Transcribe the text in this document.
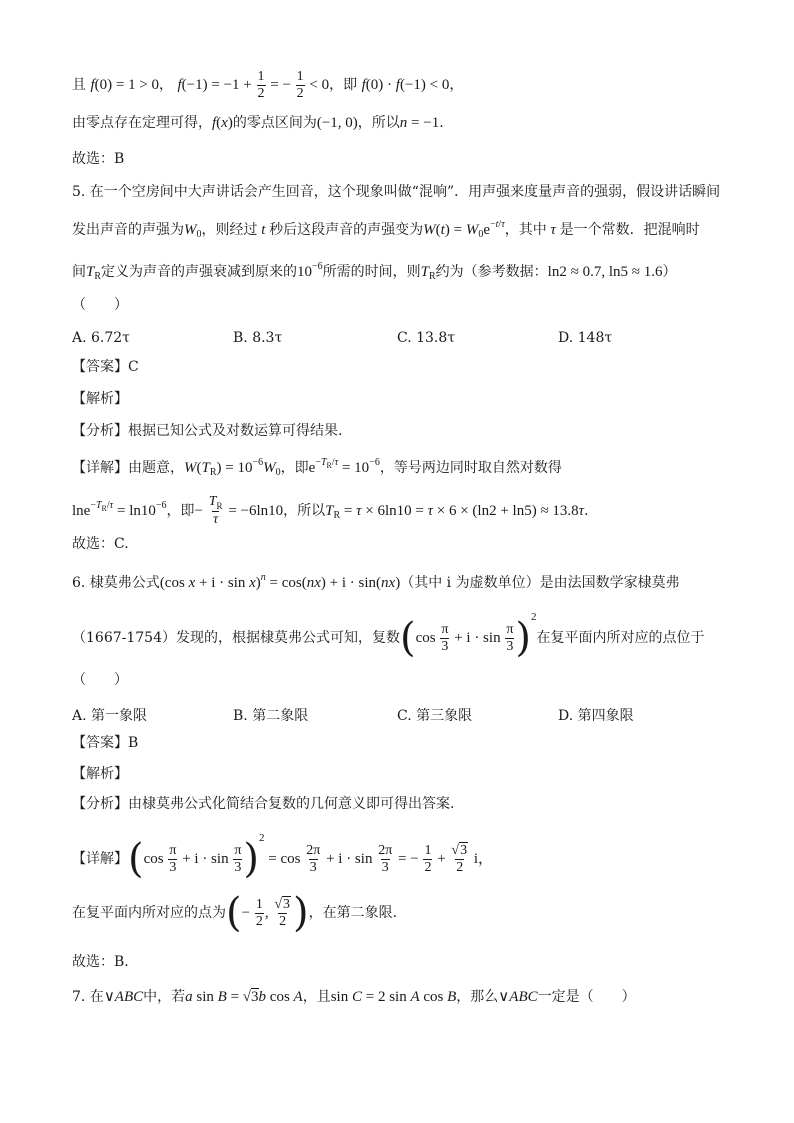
且 f(0) = 1 > 0， $f(-1) = -1 + \frac{1}{2}$ = − $\frac{1}{2} < 0$，即 f(0) · f(−1) < 0，
由零点存在定理可得，f(x)的零点区间为(−1, 0)，所以n = −1.
故选：B
5. 在一个空房间中大声讲话会产生回音，这个现象叫做“混响”．用声强来度量声音的强弱，假设讲话瞬间
发出声音的声强为$W_0$，则经过 t 秒后这段声音的声强变为$W(t) = W_0e^{-t/\tau}$，其中 τ 是一个常数．把混响时
间$T_R$定义为声音的声强衰减到原来的$10^{-6}$所需的时间，则$T_R$约为（参考数据：ln2 ≈ 0.7, ln5 ≈ 1.6）
（　　）
A. 6.72τ	B. 8.3τ	C. 13.8τ	D. 148τ
【答案】C
【解析】
【分析】根据已知公式及对数运算可得结果.
【详解】由题意，$W(T_R) = 10^{-6}W_0$，即$e^{-T_R/\tau} = 10^{-6}$，等号两边同时取自然对数得
$\ln e^{-T_R/\tau} = \ln 10^{-6}$，即− $\frac{T_R}{\tau} = -6\ln 10$，所以$T_R = \tau \times 6\ln 10 = \tau \times 6 \times (\ln 2 + \ln 5) \approx 13.8\tau$.
故选：C.
6. 棣莫弗公式(cos x + i · sin x)$^n$ = cos(nx) + i · sin(nx)（其中 i 为虚数单位）是由法国数学家棣莫弗
（1667-1754）发现的，根据棣莫弗公式可知，复数$(\cos \frac{\pi}{3} + i \cdot \sin \frac{\pi}{3} )^2$在复平面内所对应的点位于
（　　）
A. 第一象限	B. 第二象限	C. 第三象限	D. 第四象限
【答案】B
【解析】
【分析】由棣莫弗公式化简结合复数的几何意义即可得出答案.
【详解】$(\cos \frac{\pi}{3} + i \cdot \sin \frac{\pi}{3} )^2 = \cos \frac{2\pi}{3} + i \cdot \sin \frac{2\pi}{3}$ = − $\frac{1}{2} + \frac{√3}{2}$ i，
在复平面内所对应的点为(− $\frac{1}{2}$ , $\frac{√3}{2}$ )，在第二象限.
故选：B.
7. 在∨ABC中，若a sin B = √3b cos A，且sin C = 2 sin A cos B，那么∨ABC一定是（　　）
